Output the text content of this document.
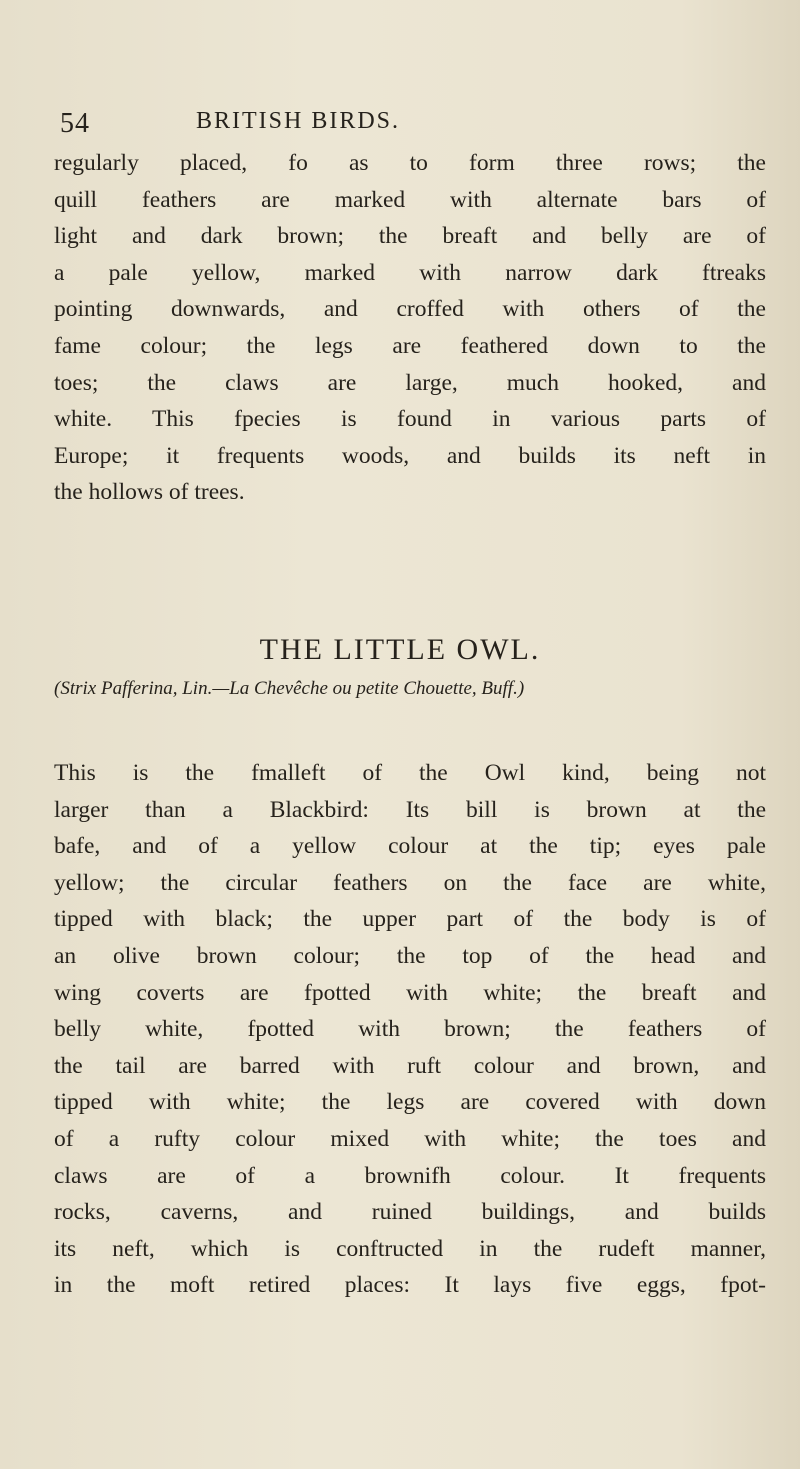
54	BRITISH BIRDS.
regularly placed, fo as to form three rows; the
quill feathers are marked with alternate bars of
light and dark brown; the breaft and belly are of
a pale yellow, marked with narrow dark ftreaks
pointing downwards, and croffed with others of the
fame colour; the legs are feathered down to the
toes; the claws are large, much hooked, and
white. This fpecies is found in various parts of
Europe; it frequents woods, and builds its neft in
the hollows of trees.
THE LITTLE OWL.
(Strix Pafferina, Lin.—La Chevêche ou petite Chouette, Buff.)
This is the fmalleft of the Owl kind, being not
larger than a Blackbird: Its bill is brown at the
bafe, and of a yellow colour at the tip; eyes pale
yellow; the circular feathers on the face are white,
tipped with black; the upper part of the body is of
an olive brown colour; the top of the head and
wing coverts are fpotted with white; the breaft and
belly white, fpotted with brown; the feathers of
the tail are barred with ruft colour and brown, and
tipped with white; the legs are covered with down
of a rufty colour mixed with white; the toes and
claws are of a brownifh colour. It frequents
rocks, caverns, and ruined buildings, and builds
its neft, which is conftructed in the rudeft manner,
in the moft retired places: It lays five eggs, fpot-
